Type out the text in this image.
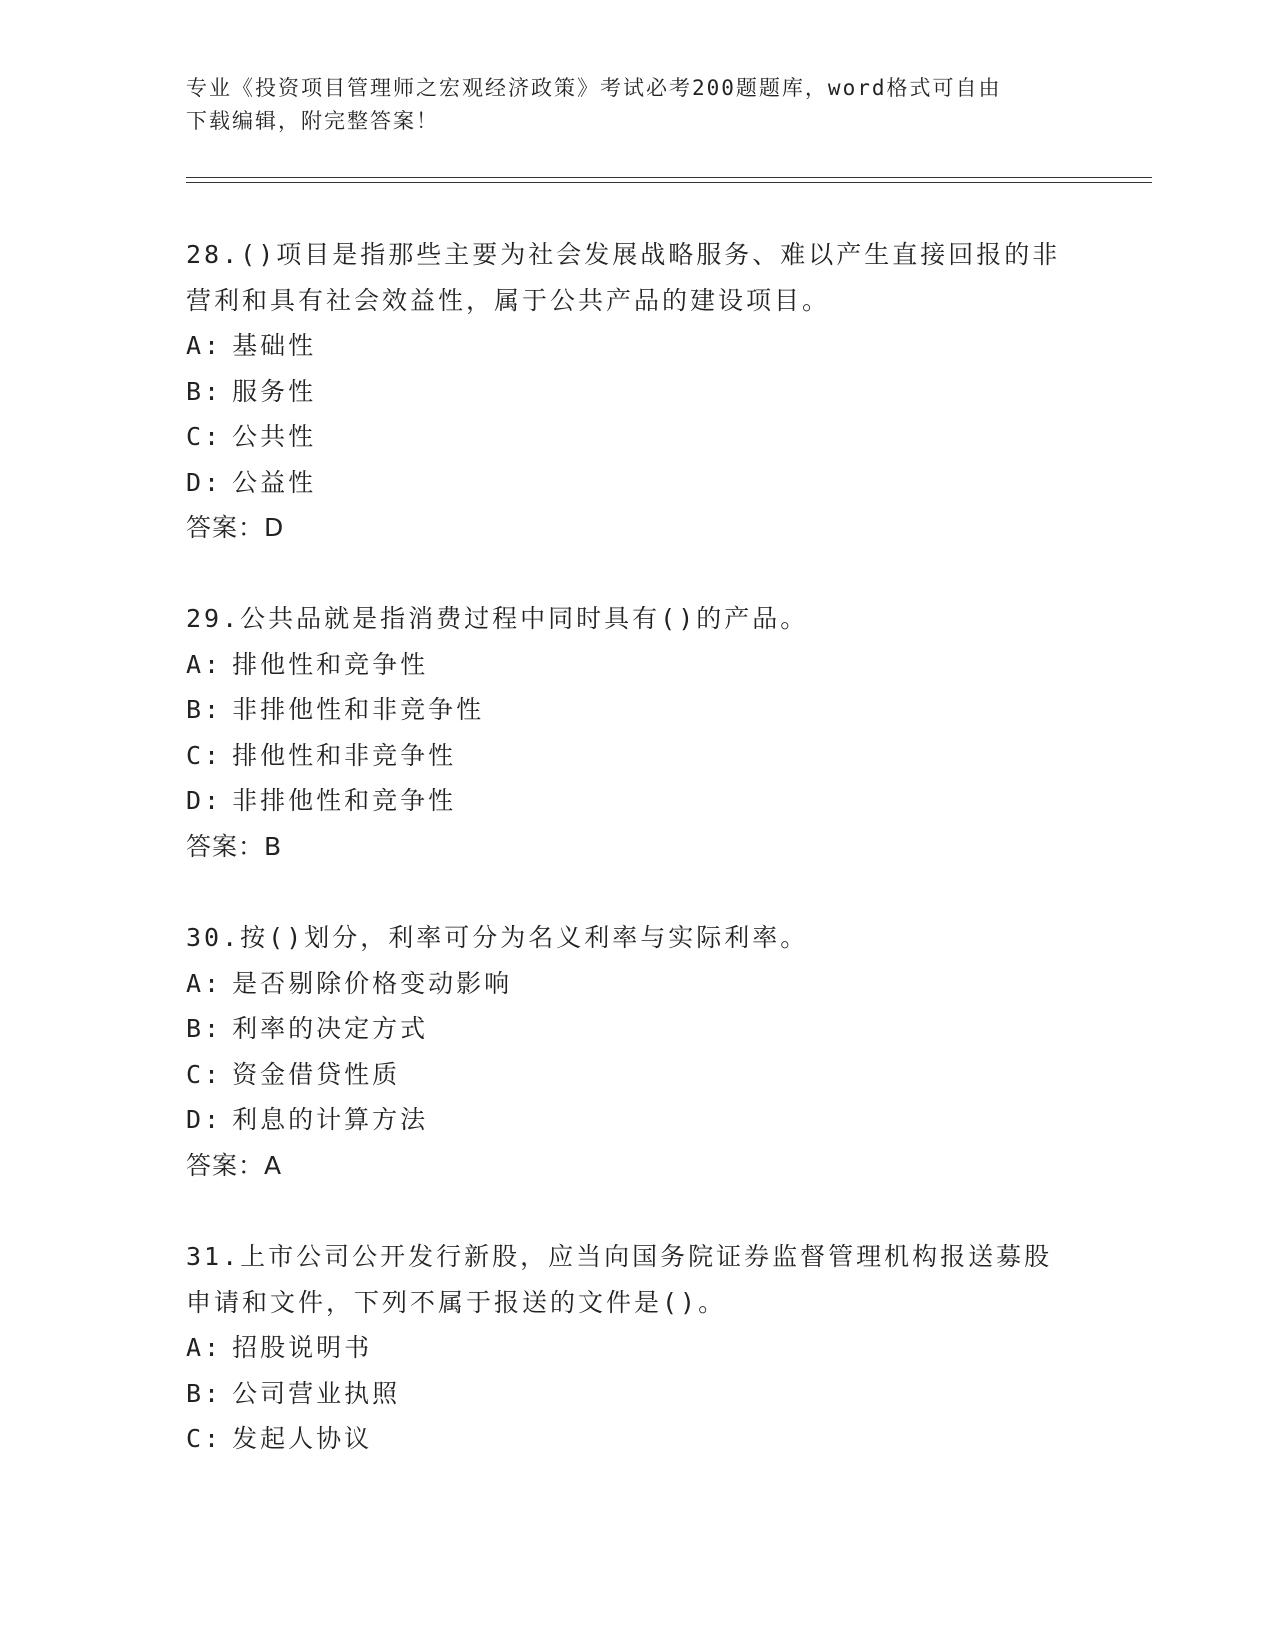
专业《投资项目管理师之宏观经济政策》考试必考200题题库，word格式可自由
下载编辑，附完整答案！
28.()项目是指那些主要为社会发展战略服务、难以产生直接回报的非
营利和具有社会效益性，属于公共产品的建设项目。
A: 基础性
B: 服务性
C: 公共性
D: 公益性
答案：D
29.公共品就是指消费过程中同时具有()的产品。
A: 排他性和竞争性
B: 非排他性和非竞争性
C: 排他性和非竞争性
D: 非排他性和竞争性
答案：B
30.按()划分，利率可分为名义利率与实际利率。
A: 是否剔除价格变动影响
B: 利率的决定方式
C: 资金借贷性质
D: 利息的计算方法
答案：A
31.上市公司公开发行新股，应当向国务院证券监督管理机构报送募股
申请和文件，下列不属于报送的文件是()。
A: 招股说明书
B: 公司营业执照
C: 发起人协议
